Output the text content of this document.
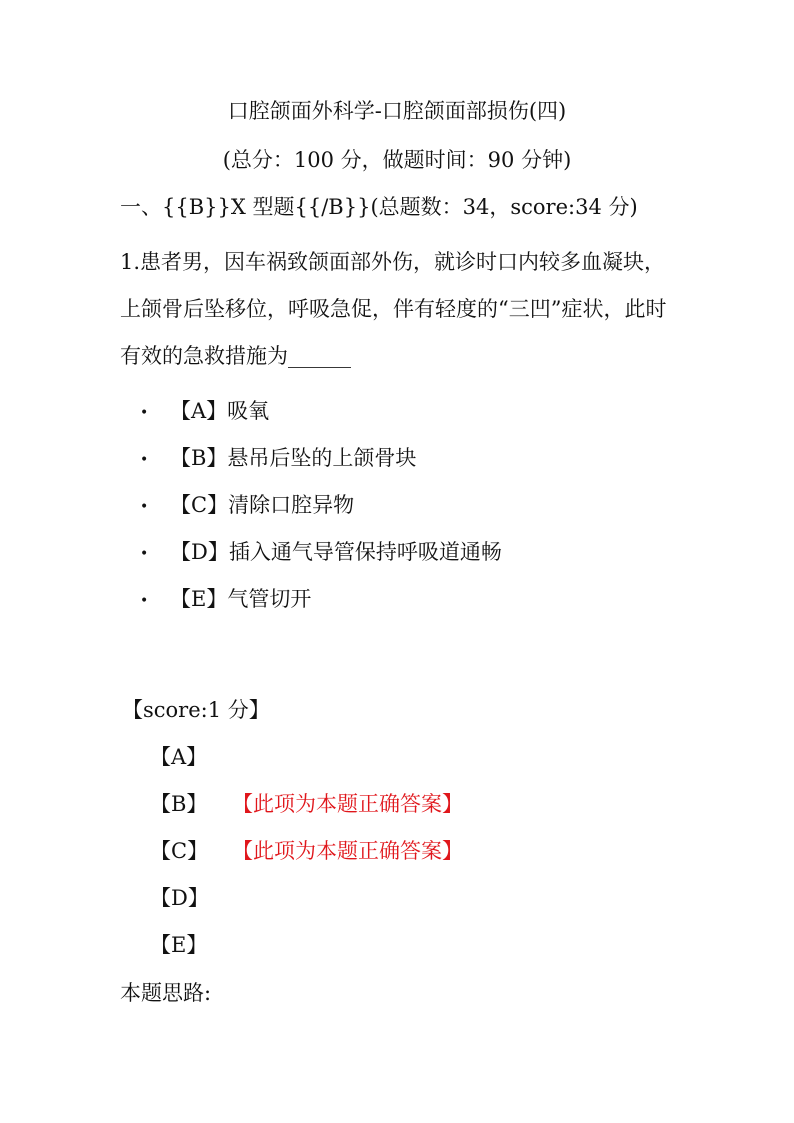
口腔颌面外科学-口腔颌面部损伤(四)
(总分：100 分，做题时间：90 分钟)
一、{{B}}X 型题{{/B}}(总题数：34，score:34 分)
1.患者男，因车祸致颌面部外伤，就诊时口内较多血凝块，上颌骨后坠移位，呼吸急促，伴有轻度的“三凹”症状，此时有效的急救措施为______
•	【A】吸氧
•	【B】悬吊后坠的上颌骨块
•	【C】清除口腔异物
•	【D】插入通气导管保持呼吸道通畅
•	【E】气管切开
【score:1 分】
【A】
【B】	【此项为本题正确答案】
【C】	【此项为本题正确答案】
【D】
【E】
本题思路:
